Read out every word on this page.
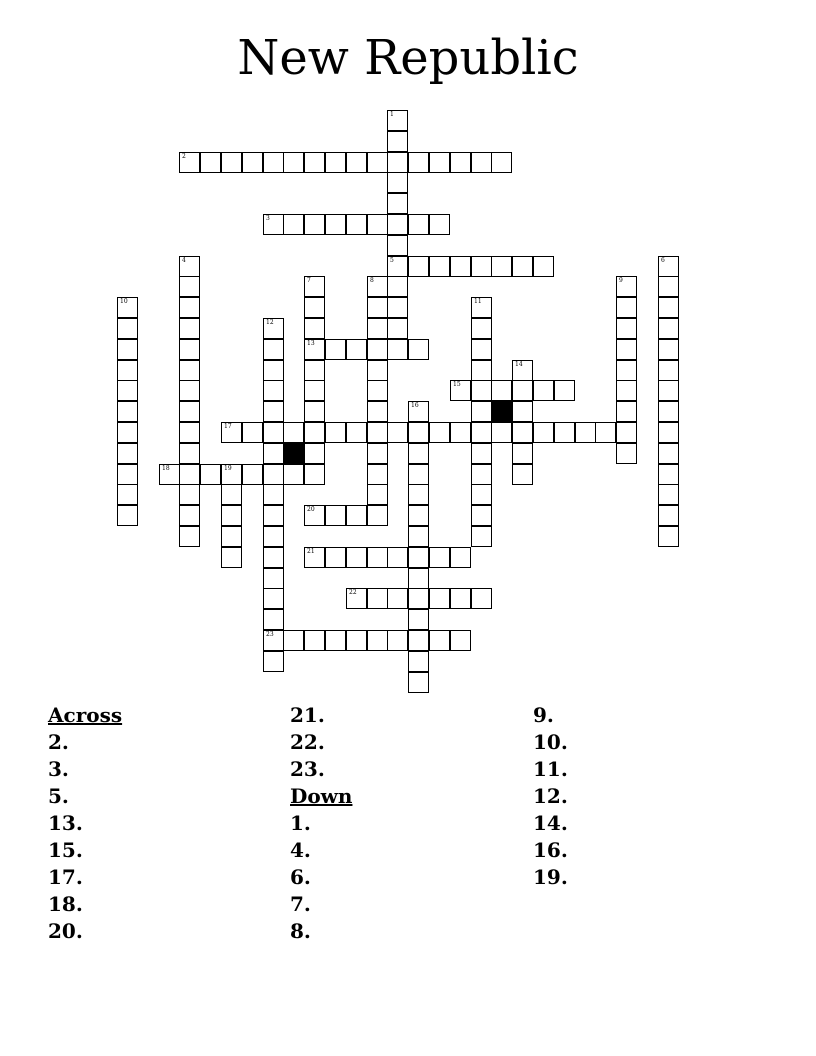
New Republic
1
5
2
3
4	6
7
13
8	9
10	11
12
23
14
15
16
17
18	19
20
21
22
Across
2.
3.
5.
13.
15.
17.
18.
20.
21.
22.
23.
Down
1.
4.
6.
7.
8.
9.
10.
11.
12.
14.
16.
19.
